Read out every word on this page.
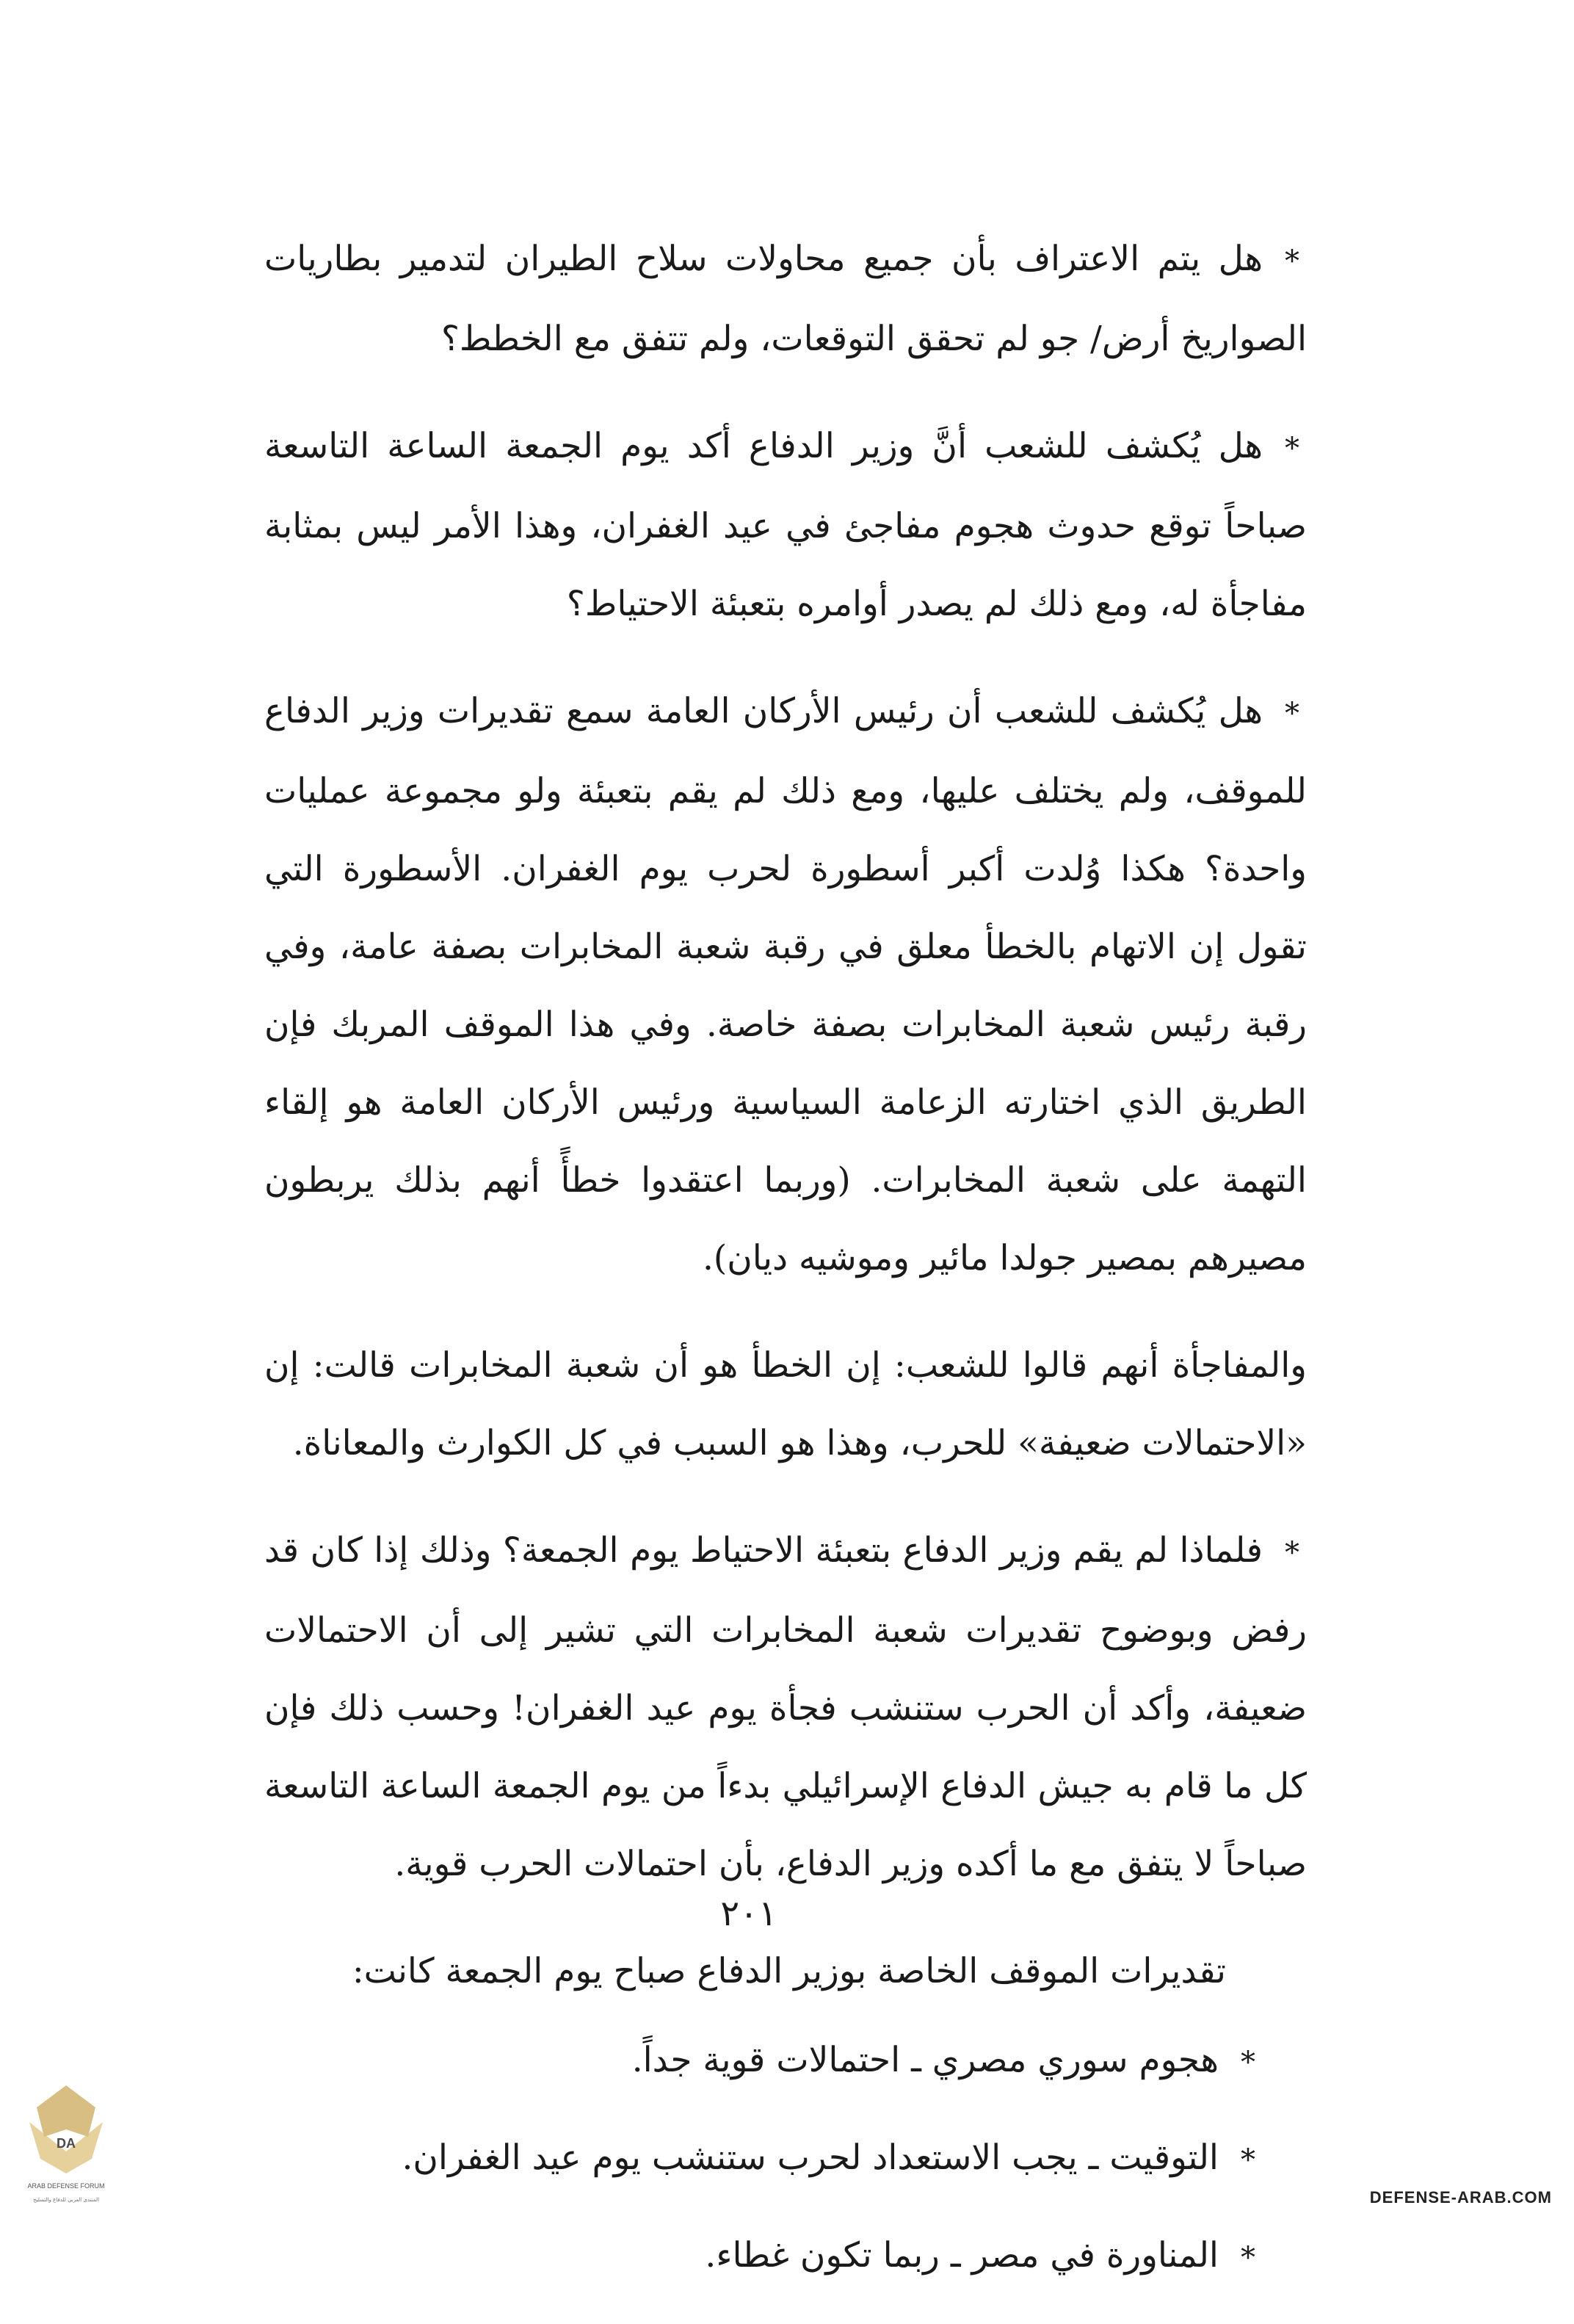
*هل يتم الاعتراف بأن جميع محاولات سلاح الطيران لتدمير بطاريات الصواريخ أرض/ جو لم تحقق التوقعات، ولم تتفق مع الخطط؟

*هل يُكشف للشعب أنَّ وزير الدفاع أكد يوم الجمعة الساعة التاسعة صباحاً توقع حدوث هجوم مفاجئ في عيد الغفران، وهذا الأمر ليس بمثابة مفاجأة له، ومع ذلك لم يصدر أوامره بتعبئة الاحتياط؟

*هل يُكشف للشعب أن رئيس الأركان العامة سمع تقديرات وزير الدفاع للموقف، ولم يختلف عليها، ومع ذلك لم يقم بتعبئة ولو مجموعة عمليات واحدة؟ هكذا وُلدت أكبر أسطورة لحرب يوم الغفران. الأسطورة التي تقول إن الاتهام بالخطأ معلق في رقبة شعبة المخابرات بصفة عامة، وفي رقبة رئيس شعبة المخابرات بصفة خاصة. وفي هذا الموقف المربك فإن الطريق الذي اختارته الزعامة السياسية ورئيس الأركان العامة هو إلقاء التهمة على شعبة المخابرات. (وربما اعتقدوا خطأً أنهم بذلك يربطون مصيرهم بمصير جولدا مائير وموشيه ديان).

والمفاجأة أنهم قالوا للشعب: إن الخطأ هو أن شعبة المخابرات قالت: إن «الاحتمالات ضعيفة» للحرب، وهذا هو السبب في كل الكوارث والمعاناة.

*فلماذا لم يقم وزير الدفاع بتعبئة الاحتياط يوم الجمعة؟ وذلك إذا كان قد رفض وبوضوح تقديرات شعبة المخابرات التي تشير إلى أن الاحتمالات ضعيفة، وأكد أن الحرب ستنشب فجأة يوم عيد الغفران! وحسب ذلك فإن كل ما قام به جيش الدفاع الإسرائيلي بدءاً من يوم الجمعة الساعة التاسعة صباحاً لا يتفق مع ما أكده وزير الدفاع، بأن احتمالات الحرب قوية.

تقديرات الموقف الخاصة بوزير الدفاع صباح يوم الجمعة كانت:

*هجوم سوري مصري ـ احتمالات قوية جداً.

*التوقيت ـ يجب الاستعداد لحرب ستنشب يوم عيد الغفران.

*المناورة في مصر ـ ربما تكون غطاء.

٢٠١
DA
ARAB DEFENSE FORUM
المنتدى العربي للدفاع والتسليح	DEFENSE-ARAB.COM
